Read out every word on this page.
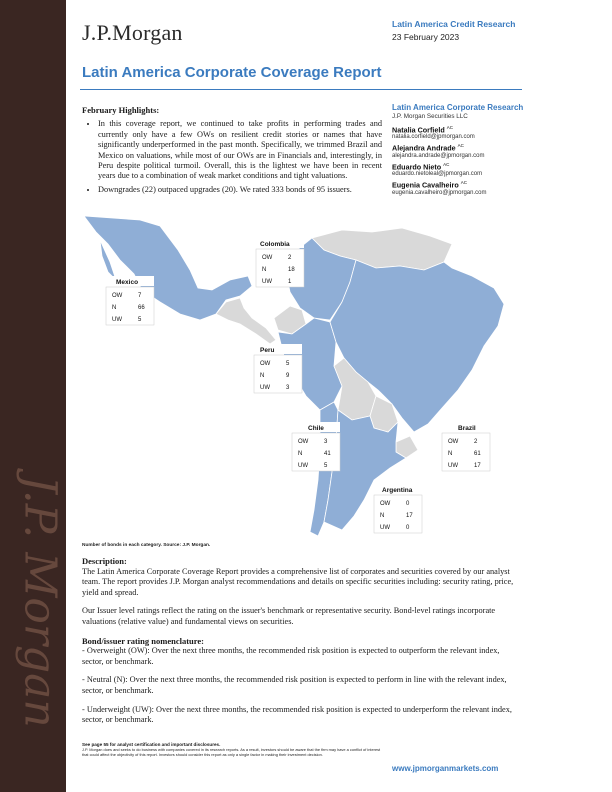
J.P. Morgan
J.P.Morgan	Latin America Credit Research
23 February 2023
Latin America Corporate Coverage Report
February Highlights:
• In this coverage report, we continued to take profits in performing trades and currently only have a few OWs on resilient credit stories or names that have significantly underperformed in the past month. Specifically, we trimmed Brazil and Mexico on valuations, while most of our OWs are in Financials and, interestingly, in Peru despite political turmoil. Overall, this is the lightest we have been in recent years due to a combination of weak market conditions and tight valuations.
• Downgrades (22) outpaced upgrades (20). We rated 333 bonds of 95 issuers.
Latin America Corporate Research
J.P. Morgan Securities LLC
Natalia Corfield $^{AC}$
natalia.corfield@jpmorgan.com
Alejandra Andrade $^{AC}$
alejandra.andrade@jpmorgan.com
Eduardo Nieto $^{AC}$
eduardo.nietoleal@jpmorgan.com
Eugenia Cavalheiro $^{AC}$
eugenia.cavalheiro@jpmorgan.com
Colombia
OW	2
N	18
UW	1
Mexico
OW	7
N	66
UW	5
Peru
OW	5
N	9
UW	3
Chile
OW	3
N	41
UW	5
Brazil
OW	2
N	61
UW	17
Argentina
OW	0
N	17
UW	0
Number of bonds in each category. Source: J.P. Morgan.
Description:

The Latin America Corporate Coverage Report provides a comprehensive list of corporates and securities covered by our analyst team. The report provides J.P. Morgan analyst recommendations and details on specific securities including: security rating, price, yield and spread.

Our Issuer level ratings reflect the rating on the issuer's benchmark or representative security. Bond-level ratings incorporate valuations (relative value) and fundamental views on securities.

Bond/issuer rating nomenclature:

- Overweight (OW): Over the next three months, the recommended risk position is expected to outperform the relevant index, sector, or benchmark.

- Neutral (N): Over the next three months, the recommended risk position is expected to perform in line with the relevant index, sector, or benchmark.

- Underweight (UW): Over the next three months, the recommended risk position is expected to underperform the relevant index, sector, or benchmark.

See page 55 for analyst certification and important disclosures.
J.P. Morgan does and seeks to do business with companies covered in its research reports. As a result, investors should be aware that the firm may have a conflict of interest that could affect the objectivity of this report. Investors should consider this report as only a single factor in making their investment decision.
www.jpmorganmarkets.com
